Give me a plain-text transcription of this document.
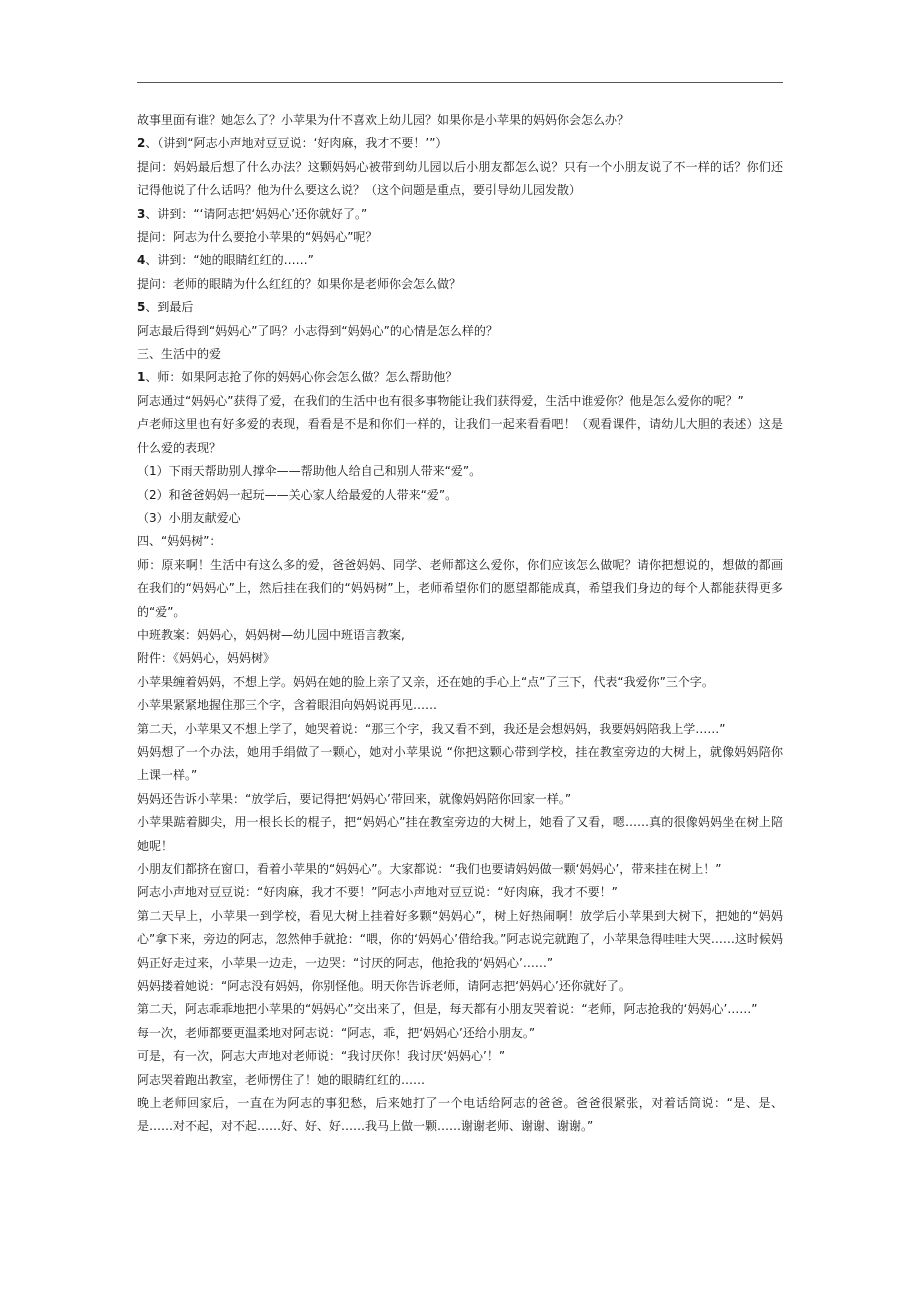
故事里面有谁？她怎么了？小苹果为什不喜欢上幼儿园？如果你是小苹果的妈妈你会怎么办？

2、（讲到“阿志小声地对豆豆说：‘好肉麻，我才不要！’”）

提问：妈妈最后想了什么办法？这颗妈妈心被带到幼儿园以后小朋友都怎么说？只有一个小朋友说了不一样的话？你们还记得他说了什么话吗？他为什么要这么说？（这个问题是重点，要引导幼儿园发散）

3、讲到：“‘请阿志把‘妈妈心’还你就好了。”

提问：阿志为什么要抢小苹果的“妈妈心”呢？

4、讲到：“她的眼睛红红的……”

提问：老师的眼睛为什么红红的？如果你是老师你会怎么做？

5、到最后

阿志最后得到“妈妈心”了吗？小志得到“妈妈心”的心情是怎么样的？

三、生活中的爱

1、师：如果阿志抢了你的妈妈心你会怎么做？怎么帮助他？

阿志通过“妈妈心”获得了爱，在我们的生活中也有很多事物能让我们获得爱，生活中谁爱你？他是怎么爱你的呢？”

卢老师这里也有好多爱的表现，看看是不是和你们一样的，让我们一起来看看吧！（观看课件，请幼儿大胆的表述）这是什么爱的表现？

（1）下雨天帮助别人撑伞——帮助他人给自己和别人带来“爱”。

（2）和爸爸妈妈一起玩——关心家人给最爱的人带来“爱”。

（3）小朋友献爱心

四、“妈妈树”：

师：原来啊！生活中有这么多的爱，爸爸妈妈、同学、老师都这么爱你，你们应该怎么做呢？请你把想说的，想做的都画在我们的“妈妈心”上，然后挂在我们的“妈妈树”上，老师希望你们的愿望都能成真，希望我们身边的每个人都能获得更多的“爱”。

中班教案：妈妈心，妈妈树—幼儿园中班语言教案,

附件：《妈妈心，妈妈树》

小苹果缠着妈妈，不想上学。妈妈在她的脸上亲了又亲，还在她的手心上“点”了三下，代表“我爱你”三个字。

小苹果紧紧地握住那三个字，含着眼泪向妈妈说再见……

第二天，小苹果又不想上学了，她哭着说：“那三个字，我又看不到，我还是会想妈妈，我要妈妈陪我上学……”

妈妈想了一个办法，她用手绢做了一颗心，她对小苹果说 “你把这颗心带到学校，挂在教室旁边的大树上，就像妈妈陪你上课一样。”

妈妈还告诉小苹果：“放学后，要记得把‘妈妈心’带回来，就像妈妈陪你回家一样。”

小苹果踮着脚尖，用一根长长的棍子，把“妈妈心”挂在教室旁边的大树上，她看了又看，嗯……真的很像妈妈坐在树上陪她呢！

小朋友们都挤在窗口，看着小苹果的“妈妈心”。大家都说：“我们也要请妈妈做一颗‘妈妈心’，带来挂在树上！”

阿志小声地对豆豆说：“好肉麻，我才不要！”阿志小声地对豆豆说：“好肉麻，我才不要！”

第二天早上，小苹果一到学校，看见大树上挂着好多颗“妈妈心”，树上好热闹啊！放学后小苹果到大树下，把她的“妈妈心”拿下来，旁边的阿志，忽然伸手就抢：“喂，你的‘妈妈心’借给我。”阿志说完就跑了，小苹果急得哇哇大哭……这时候妈妈正好走过来，小苹果一边走，一边哭：“讨厌的阿志，他抢我的‘妈妈心’……”

妈妈搂着她说：“阿志没有妈妈，你别怪他。明天你告诉老师，请阿志把‘妈妈心’还你就好了。

第二天，阿志乖乖地把小苹果的“妈妈心”交出来了，但是，每天都有小朋友哭着说：“老师，阿志抢我的‘妈妈心’……”

每一次，老师都要更温柔地对阿志说：“阿志，乖，把‘妈妈心’还给小朋友。”

可是，有一次，阿志大声地对老师说：“我讨厌你！我讨厌‘妈妈心’！”

阿志哭着跑出教室，老师愣住了！她的眼睛红红的……

晚上老师回家后，一直在为阿志的事犯愁，后来她打了一个电话给阿志的爸爸。爸爸很紧张，对着话筒说：“是、是、是……对不起，对不起……好、好、好……我马上做一颗……谢谢老师、谢谢、谢谢。”
